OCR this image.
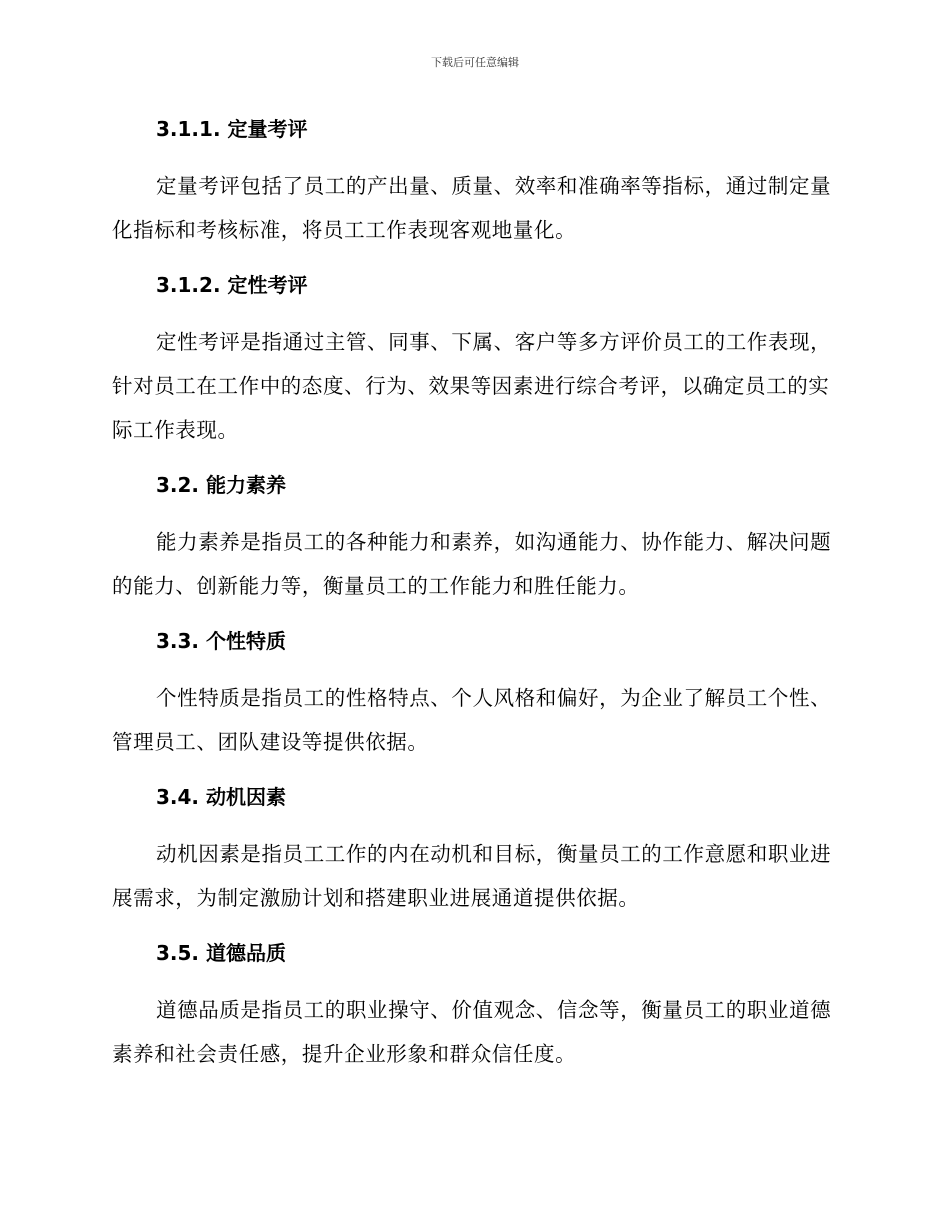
下载后可任意编辑
3.1.1. 定量考评

定量考评包括了员工的产出量、质量、效率和准确率等指标，通过制定量化指标和考核标准，将员工工作表现客观地量化。

3.1.2. 定性考评

定性考评是指通过主管、同事、下属、客户等多方评价员工的工作表现，针对员工在工作中的态度、行为、效果等因素进行综合考评，以确定员工的实际工作表现。

3.2. 能力素养

能力素养是指员工的各种能力和素养，如沟通能力、协作能力、解决问题的能力、创新能力等，衡量员工的工作能力和胜任能力。

3.3. 个性特质

个性特质是指员工的性格特点、个人风格和偏好，为企业了解员工个性、管理员工、团队建设等提供依据。

3.4. 动机因素

动机因素是指员工工作的内在动机和目标，衡量员工的工作意愿和职业进展需求，为制定激励计划和搭建职业进展通道提供依据。

3.5. 道德品质

道德品质是指员工的职业操守、价值观念、信念等，衡量员工的职业道德素养和社会责任感，提升企业形象和群众信任度。
